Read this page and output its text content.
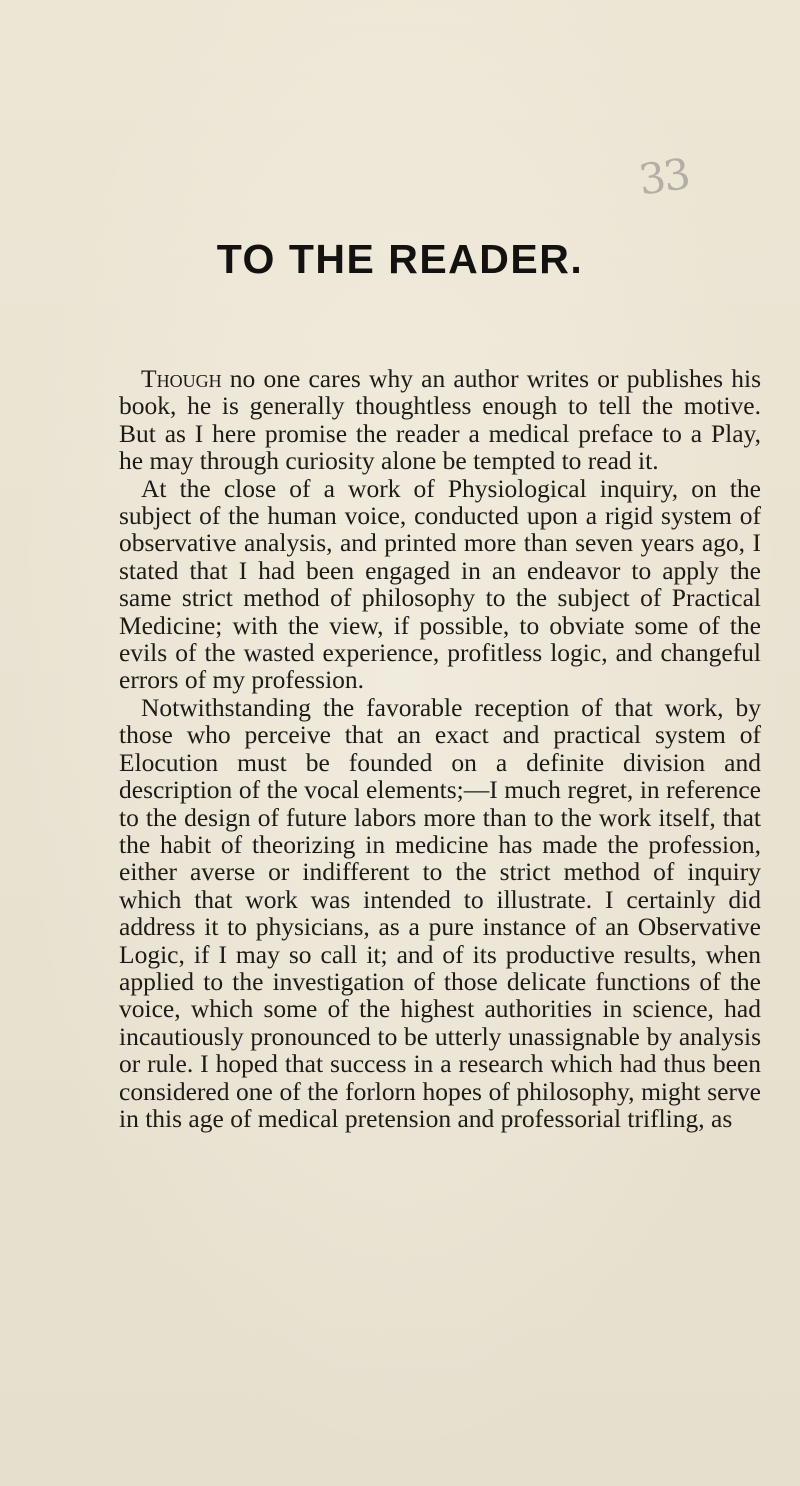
33
TO THE READER.

Though no one cares why an author writes or publishes his book, he is generally thoughtless enough to tell the motive. But as I here promise the reader a medical preface to a Play, he may through curiosity alone be tempted to read it.

At the close of a work of Physiological inquiry, on the subject of the human voice, conducted upon a rigid system of observative analysis, and printed more than seven years ago, I stated that I had been engaged in an endeavor to apply the same strict method of philosophy to the subject of Practical Medicine; with the view, if possible, to obviate some of the evils of the wasted experience, profitless logic, and changeful errors of my profession.

Notwithstanding the favorable reception of that work, by those who perceive that an exact and practical system of Elocution must be founded on a definite division and description of the vocal elements;—I much regret, in reference to the design of future labors more than to the work itself, that the habit of theorizing in medicine has made the profession, either averse or indifferent to the strict method of inquiry which that work was intended to illustrate. I certainly did address it to physicians, as a pure instance of an Observative Logic, if I may so call it; and of its productive results, when applied to the investigation of those delicate functions of the voice, which some of the highest authorities in science, had incautiously pronounced to be utterly unassignable by analysis or rule. I hoped that success in a research which had thus been considered one of the forlorn hopes of philosophy, might serve in this age of medical pretension and professorial trifling, as
